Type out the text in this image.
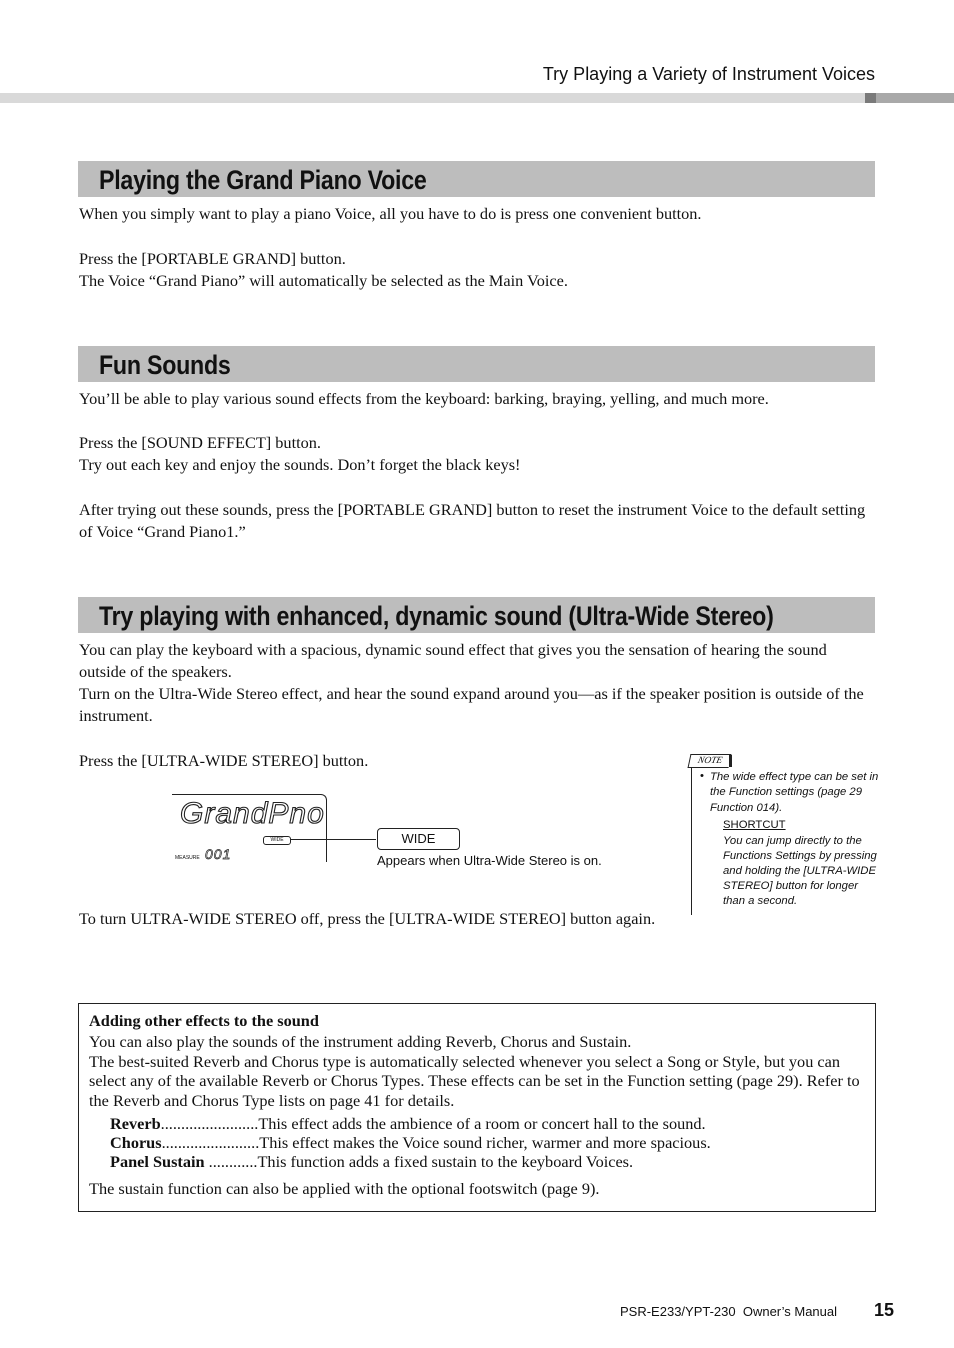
Try Playing a Variety of Instrument Voices
Playing the Grand Piano Voice

When you simply want to play a piano Voice, all you have to do is press one convenient button.

Press the [PORTABLE GRAND] button.

The Voice “Grand Piano” will automatically be selected as the Main Voice.

Fun Sounds

You’ll be able to play various sound effects from the keyboard: barking, braying, yelling, and much more.

Press the [SOUND EFFECT] button.

Try out each key and enjoy the sounds. Don’t forget the black keys!

After trying out these sounds, press the [PORTABLE GRAND] button to reset the instrument Voice to the default setting of Voice “Grand Piano1.”

Try playing with enhanced, dynamic sound (Ultra-Wide Stereo)

You can play the keyboard with a spacious, dynamic sound effect that gives you the sensation of hearing the sound outside of the speakers.

Turn on the Ultra-Wide Stereo effect, and hear the sound expand around you—as if the speaker position is outside of the instrument.

Press the [ULTRA-WIDE STEREO] button.

GrandPno
WIDE
MEASURE 001
WIDE
Appears when Ultra-Wide Stereo is on.

To turn ULTRA-WIDE STEREO off, press the [ULTRA-WIDE STEREO] button again.

NOTE
• The wide effect type can be set in the Function settings (page 29 Function 014).
SHORTCUT
You can jump directly to the Functions Settings by pressing and holding the [ULTRA-WIDE STEREO] button for longer than a second.
Adding other effects to the sound

You can also play the sounds of the instrument adding Reverb, Chorus and Sustain.

The best-suited Reverb and Chorus type is automatically selected whenever you select a Song or Style, but you can select any of the available Reverb or Chorus Types. These effects can be set in the Function setting (page 29). Refer to the Reverb and Chorus Type lists on page 41 for details.

Reverb........................This effect adds the ambience of a room or concert hall to the sound.
Chorus........................This effect makes the Voice sound richer, warmer and more spacious.
Panel Sustain ............This function adds a fixed sustain to the keyboard Voices.

The sustain function can also be applied with the optional footswitch (page 9).

PSR-E233/YPT-230  Owner’s Manual 15
